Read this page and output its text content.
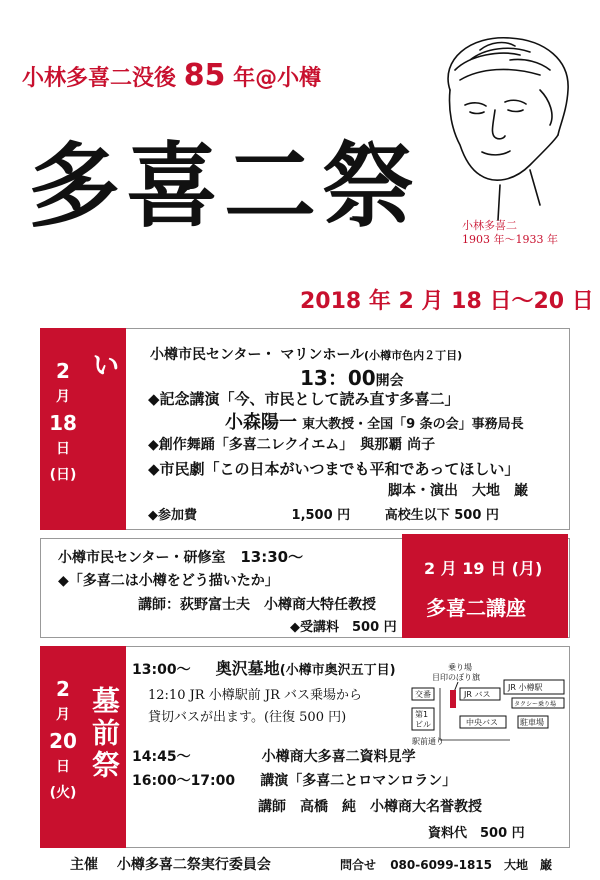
小林多喜二没後 85 年@小樽
多喜二祭	小林多喜二
1903 年〜1933 年
2018 年 2 月 18 日〜20 日
2
月
18
日
(日)	記念のつどい	小樽市民センター・ マリンホール(小樽市色内２丁目)
13：00開会
◆記念講演「今、市民として読み直す多喜二」
小森陽一 東大教授・全国「9 条の会」事務局長
◆創作舞踊「多喜二レクイエム」　 與那覇 尚子
◆市民劇「この日本がいつまでも平和であってほしい」
脚本・演出　大地　巌
◆参加費	1,500 円	高校生以下 500 円
小樽市民センター・研修室 13:30〜
◆「多喜二は小樽をどう描いたか」
講師：荻野富士夫　小樽商大特任教授
◆受講料　500 円
2 月 19 日 (月)
多喜二講座
2
月
20
日
(火)
墓前祭
13:00〜 奥沢墓地(小樽市奥沢五丁目)
12:10 JR 小樽駅前 JR バス乗場から
貸切バスが出ます。(往復 500 円)
乗り場
目印のぼり旗
交番	JR バス
JR 小樽駅
タクシー乗り場
第1
ビル	中央バス	駐車場
駅前通り
14:45〜	小樽商大多喜二資料見学
16:00〜17:00 講演「多喜二とロマンロラン」
講師　高橋　純　小樽商大名誉教授
資料代　500 円
主催 小樽多喜二祭実行委員会	問合せ 080-6099-1815　大地　巌
